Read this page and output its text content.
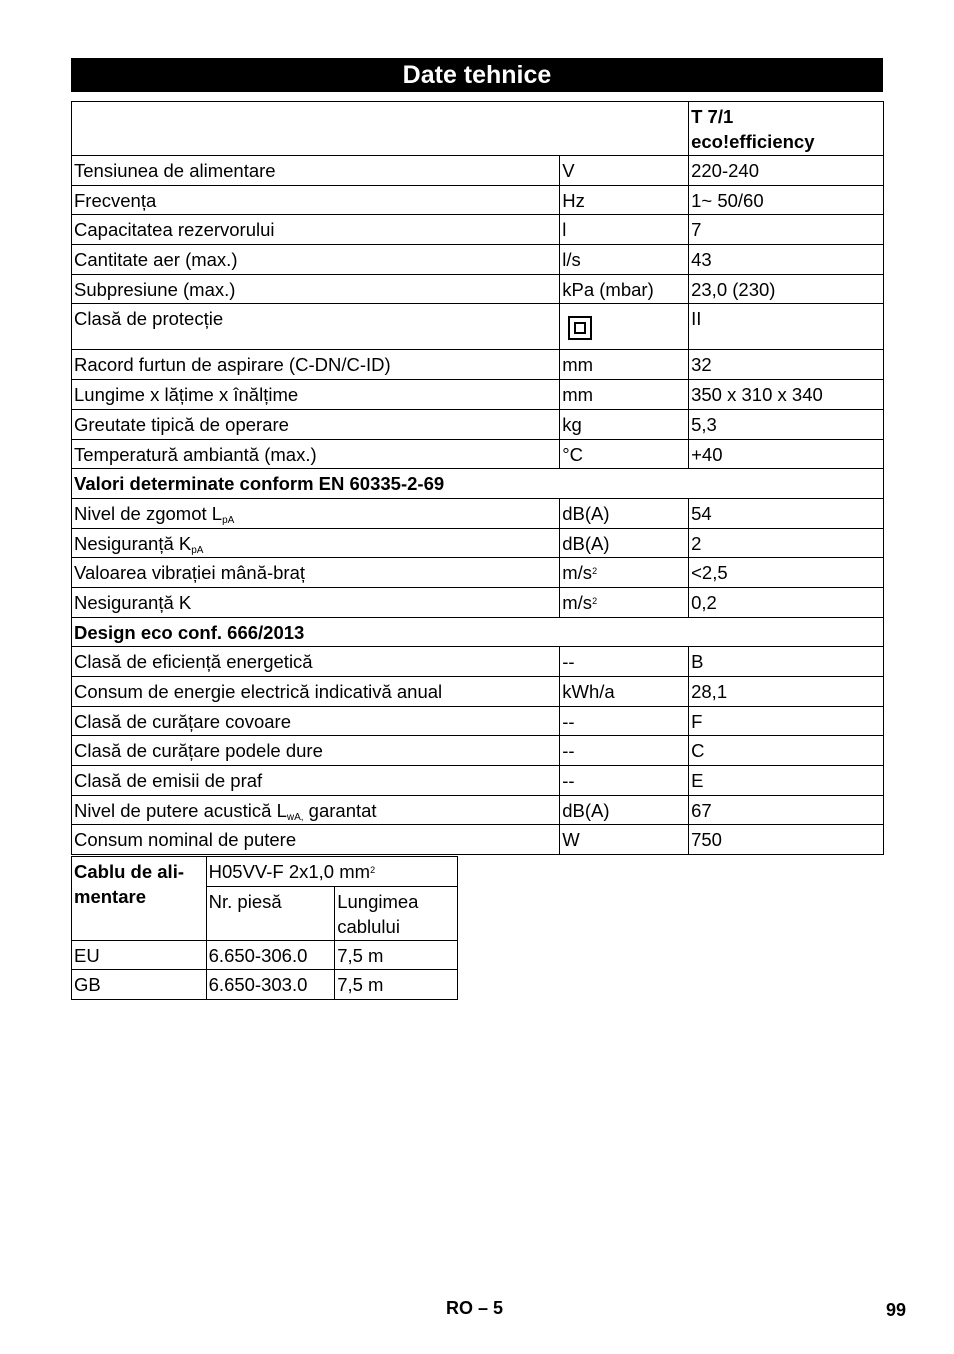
Date tehnice
		T 7/1
eco!efficiency
Tensiunea de alimentare	V	220-240
Frecvența	Hz	1~ 50/60
Capacitatea rezervorului	l	7
Cantitate aer (max.)	l/s	43
Subpresiune (max.)	kPa (mbar)	23,0 (230)
Clasă de protecție		II
Racord furtun de aspirare (C-DN/C-ID)	mm	32
Lungime x lățime x înălțime	mm	350 x 310 x 340
Greutate tipică de operare	kg	5,3
Temperatură ambiantă (max.)	°C	+40
Valori determinate conform EN 60335-2-69		
Nivel de zgomot $L_{pA}$	dB(A)	54
Nesiguranță $K_{pA}$	dB(A)	2
Valoarea vibrației mână-braț	$m/s^2$	<2,5
Nesiguranță K	$m/s^2$	0,2
Design eco conf. 666/2013		
Clasă de eficiență energetică	--	B
Consum de energie electrică indicativă anual	kWh/a	28,1
Clasă de curățare covoare	--	F
Clasă de curățare podele dure	--	C
Clasă de emisii de praf	--	E
Nivel de putere acustică $L_{wA,}$ garantat	dB(A)	67
Consum nominal de putere	W	750
Cablu de ali-
mentare	H05VV-F 2x1,0 $mm^2$
	Nr. piesă	Lungimea
cablului
EU	6.650-306.0	7,5 m
GB	6.650-303.0	7,5 m
RO – 5	99
